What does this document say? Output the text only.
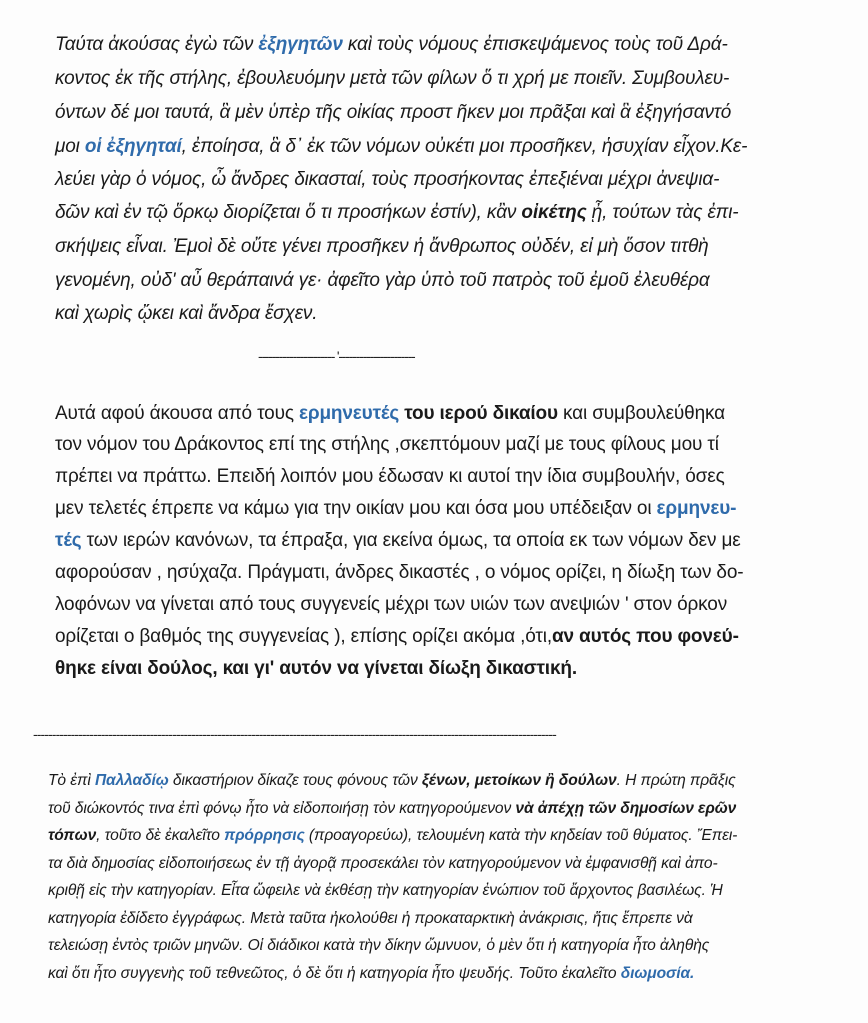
Ταύτα ἀκούσας ἐγὼ τῶν ἐξηγητῶν καὶ τοὺς νόμους ἐπισκεψάμενος τοὺς τοῦ Δρά-
κοντος ἐκ τῆς στήλης, ἐβουλευόμην μετὰ τῶν φίλων ὅ τι χρή με ποιεῖν. Συμβουλευ-
όντων δέ μοι ταυτά, ἃ μὲν ὑπὲρ τῆς οἰκίας προστ ῆκεν μοι πρᾶξαι καὶ ἃ ἐξηγήσαντό
μοι οἱ ἐξηγηταί, ἐποίησα, ἃ δ᾽ ἐκ τῶν νόμων οὐκέτι μοι προσῆκεν, ἡσυχίαν εἶχον.Κε-
λεύει γὰρ ὁ νόμος, ὦ ἄνδρες δικασταί, τοὺς προσήκοντας ἐπεξιέναι μέχρι ἀνεψια-
δῶν καὶ ἐν τῷ ὅρκῳ διορίζεται ὅ τι προσήκων ἐστίν), κἂν οἰκέτης ᾖ, τούτων τὰς ἐπι-
σκήψεις εἶναι. Ἐμοὶ δὲ οὔτε γένει προσῆκεν ἡ ἄνθρωπος οὐδέν, εἰ μὴ ὅσον τιτθὴ
γενομένη, οὐδ' αὖ θεράπαινά γε· ἀφεῖτο γὰρ ὑπὸ τοῦ πατρὸς τοῦ ἐμοῦ ἐλευθέρα
καὶ χωρὶς ᾤκει καὶ ἄνδρα ἔσχεν.
---------------------- '----------------------
Αυτά αφού άκουσα από τους ερμηνευτές του ιερού δικαίου και συμβουλεύθηκα
τον νόμον του Δράκοντος επί της στήλης ,σκεπτόμουν μαζί με τους φίλους μου τί
πρέπει να πράττω. Επειδή λοιπόν μου έδωσαν κι αυτοί την ίδια συμβουλήν, όσες
μεν τελετές έπρεπε να κάμω για την οικίαν μου και όσα μου υπέδειξαν οι ερμηνευ-
τές των ιερών κανόνων, τα έπραξα, για εκείνα όμως, τα οποία εκ των νόμων δεν με
αφορούσαν , ησύχαζα. Πράγματι, άνδρες δικαστές , ο νόμος ορίζει, η δίωξη των δο-
λοφόνων να γίνεται από τους συγγενείς μέχρι των υιών των ανεψιών ' στον όρκον
ορίζεται ο βαθμός της συγγενείας ), επίσης ορίζει ακόμα ,ότι,αν αυτός που φονεύ-
θηκε είναι δούλος, και γι' αυτόν να γίνεται δίωξη δικαστική.
-------------------------------------------------------------------------------------------------------------------------------------------
Τὸ ἐπὶ Παλλαδίῳ δικαστήριον δίκαζε τους φόνους τῶν ξένων, μετοίκων ἢ δούλων. Η πρώτη πρᾶξις
τοῦ διώκοντός τινα ἐπὶ φόνῳ ἦτο νὰ εἰδοποιήσῃ τὸν κατηγορούμενον νὰ ἀπέχῃ τῶν δημοσίων ερῶν
τόπων, τοῦτο δὲ ἐκαλεῖτο πρόρρησις (προαγορεύω), τελουμένη κατὰ τὴν κηδείαν τοῦ θύματος. Ἔπει-
τα διὰ δημοσίας εἰδοποιήσεως ἐν τῇ ἀγορᾷ προσεκάλει τὸν κατηγορούμενον νὰ ἐμφανισθῇ καὶ ἀπο-
κριθῇ εἰς τὴν κατηγορίαν. Εἶτα ὤφειλε νὰ ἐκθέσῃ τὴν κατηγορίαν ἐνώπιον τοῦ ἄρχοντος βασιλέως. Ἡ
κατηγορία ἐδίδετο ἐγγράφως. Μετὰ ταῦτα ἠκολούθει ἡ προκαταρκτικὴ ἀνάκρισις, ἥτις ἔπρεπε νὰ
τελειώσῃ ἐντὸς τριῶν μηνῶν. Οἱ διάδικοι κατὰ τὴν δίκην ὤμνυον, ὁ μὲν ὅτι ἡ κατηγορία ἦτο ἀληθὴς
καὶ ὅτι ἦτο συγγενὴς τοῦ τεθνεῶτος, ὁ δὲ ὅτι ἡ κατηγορία ἦτο ψευδής. Τοῦτο ἐκαλεῖτο διωμοσία.
